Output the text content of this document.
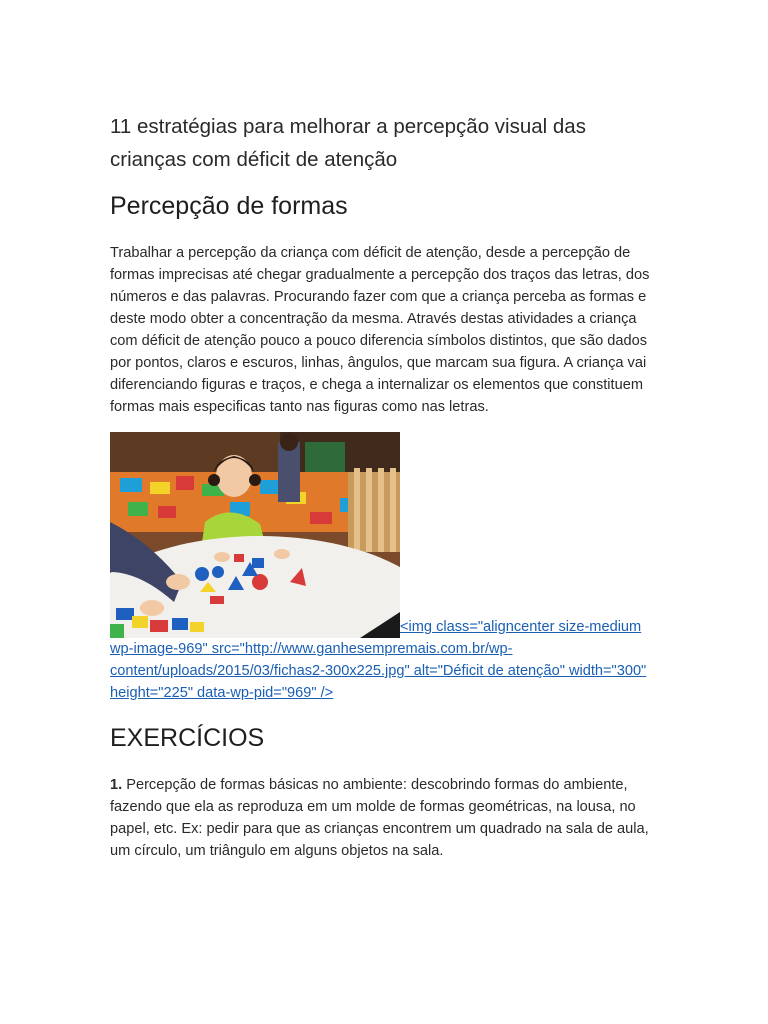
11 estratégias para melhorar a percepção visual das crianças com déficit de atenção
Percepção de formas

Trabalhar a percepção da criança com déficit de atenção, desde a percepção de formas imprecisas até chegar gradualmente a percepção dos traços das letras, dos números e das palavras. Procurando fazer com que a criança perceba as formas e deste modo obter a concentração da mesma. Através destas atividades a criança com déficit de atenção pouco a pouco diferencia símbolos distintos, que são dados por pontos, claros e escuros, linhas, ângulos, que marcam sua figura. A criança vai diferenciando figuras e traços, e chega a internalizar os elementos que constituem formas mais especificas tanto nas figuras como nas letras.

<img class="aligncenter size-medium wp-image-969" src="http://www.ganhesempremais.com.br/wp-content/uploads/2015/03/fichas2-300x225.jpg" alt="Déficit de atenção" width="300" height="225" data-wp-pid="969" />
EXERCÍCIOS

1. Percepção de formas básicas no ambiente: descobrindo formas do ambiente, fazendo que ela as reproduza em um molde de formas geométricas, na lousa, no papel, etc. Ex: pedir para que as crianças encontrem um quadrado na sala de aula, um círculo, um triângulo em alguns objetos na sala.
